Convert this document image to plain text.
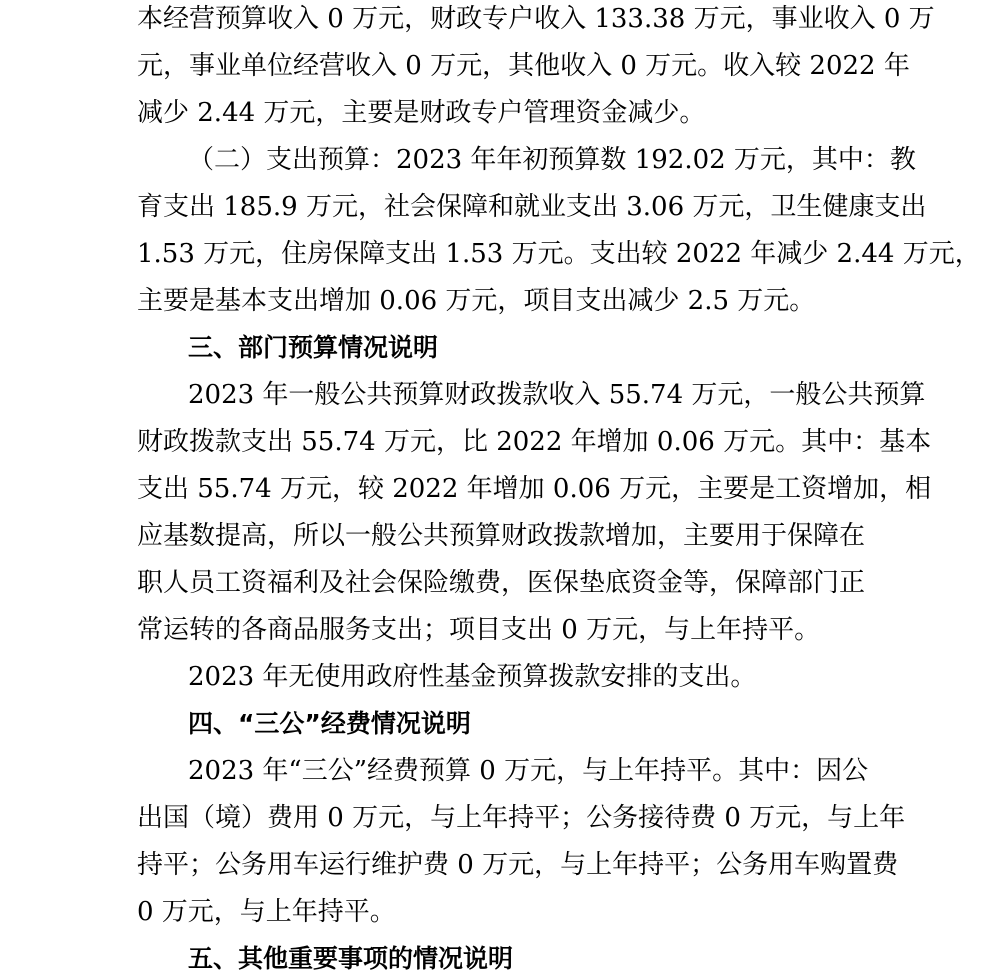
本经营预算收入 0 万元，财政专户收入 133.38 万元，事业收入 0 万
元，事业单位经营收入 0 万元，其他收入 0 万元。收入较 2022 年
减少 2.44 万元，主要是财政专户管理资金减少。
（二）支出预算：2023 年年初预算数 192.02 万元，其中：教
育支出 185.9 万元，社会保障和就业支出 3.06 万元，卫生健康支出
1.53 万元，住房保障支出 1.53 万元。支出较 2022 年减少 2.44 万元，
主要是基本支出增加 0.06 万元，项目支出减少 2.5 万元。
三、部门预算情况说明
2023 年一般公共预算财政拨款收入 55.74 万元，一般公共预算
财政拨款支出 55.74 万元，比 2022 年增加 0.06 万元。其中：基本
支出 55.74 万元，较 2022 年增加 0.06 万元，主要是工资增加，相
应基数提高，所以一般公共预算财政拨款增加，主要用于保障在
职人员工资福利及社会保险缴费，医保垫底资金等，保障部门正
常运转的各商品服务支出；项目支出 0 万元，与上年持平。
2023 年无使用政府性基金预算拨款安排的支出。
四、“三公”经费情况说明
2023 年“三公”经费预算 0 万元，与上年持平。其中：因公
出国（境）费用 0 万元，与上年持平；公务接待费 0 万元，与上年
持平；公务用车运行维护费 0 万元，与上年持平；公务用车购置费
0 万元，与上年持平。
五、其他重要事项的情况说明
